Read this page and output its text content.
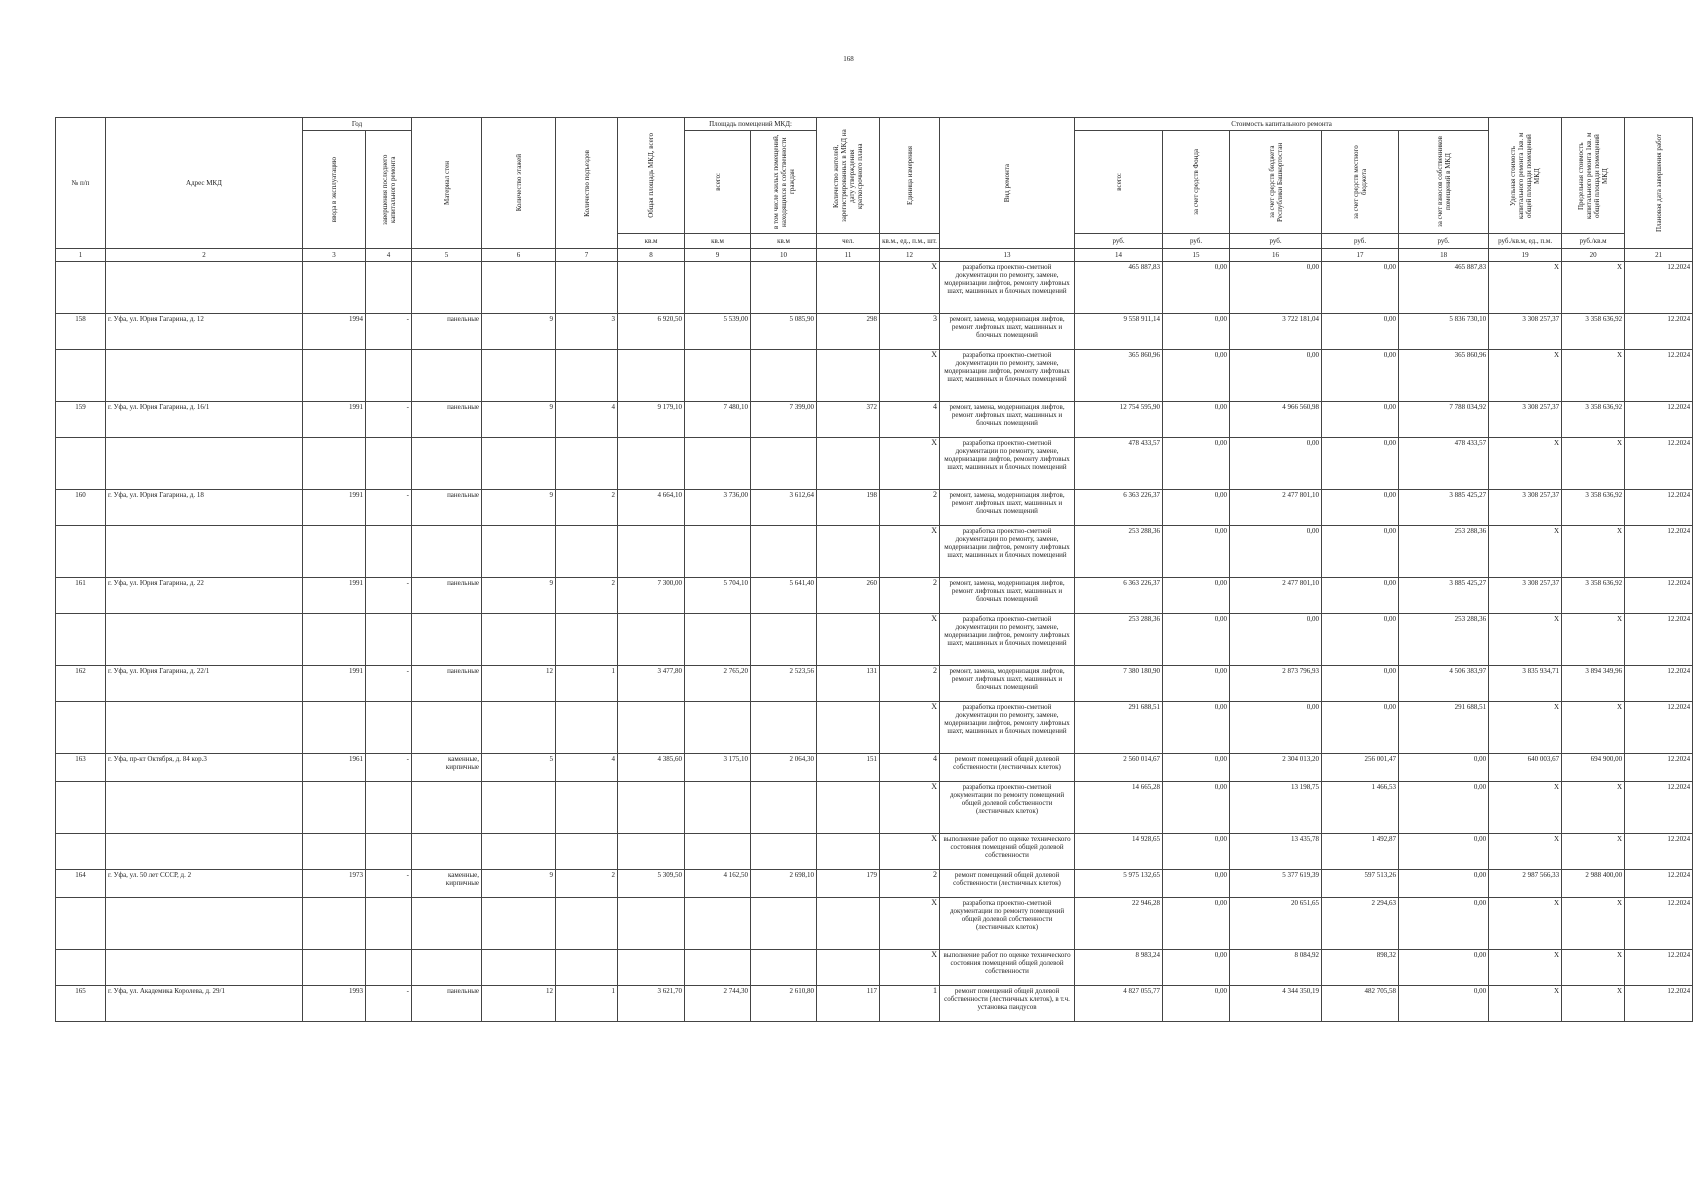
168
№ п/п	Адрес МКД	Год		Материал стен	Количество этажей	Количество подъездов	Общая площадь МКД, всего	Площадь помещений МКД:		Количество жителей, зарегистрированных в МКД на дату утверждения краткосрочного плана	Единица измерения	Вид ремонта	Стоимость капитального ремонта					Удельная стоимость капитального ремонта 1кв. м общей площади помещений МКД	Предельная стоимость капитального ремонта 1кв. м общей площади помещений МКД	Плановая дата завершения работ

		ввода в эксплуатацию	завершения последнего капитального ремонта					всего:	в том числе жилых помещений, находящихся в собственности граждан				всего:	за счет средств Фонда	за счет средств бюджета Республики Башкортостан	за счет средств местного бюджета	за счет взносов собственников помещений в МКД			

							кв.м	кв.м	кв.м	чел.	кв.м., ед., п.м., шт.		руб.	руб.	руб.	руб.	руб.	руб./кв.м, ед., п.м.	руб./кв.м	
1	2	3	4	5	6	7	8	9	10	11	12	13	14	15	16	17	18	19	20	21
											X	разработка проектно-сметной документации по ремонту, замене, модернизации лифтов, ремонту лифтовых шахт, машинных и блочных помещений	465 887,83	0,00	0,00	0,00	465 887,83	X	X	12.2024
158	г. Уфа, ул. Юрия Гагарина, д. 12	1994	-	панельные	9	3	6 920,50	5 539,00	5 085,90	298	3	ремонт, замена, модернизация лифтов, ремонт лифтовых шахт, машинных и блочных помещений	9 558 911,14	0,00	3 722 181,04	0,00	5 836 730,10	3 308 257,37	3 358 636,92	12.2024
											X	разработка проектно-сметной документации по ремонту, замене, модернизации лифтов, ремонту лифтовых шахт, машинных и блочных помещений	365 860,96	0,00	0,00	0,00	365 860,96	X	X	12.2024
159	г. Уфа, ул. Юрия Гагарина, д. 16/1	1991	-	панельные	9	4	9 179,10	7 480,10	7 399,00	372	4	ремонт, замена, модернизация лифтов, ремонт лифтовых шахт, машинных и блочных помещений	12 754 595,90	0,00	4 966 560,98	0,00	7 788 034,92	3 308 257,37	3 358 636,92	12.2024
											X	разработка проектно-сметной документации по ремонту, замене, модернизации лифтов, ремонту лифтовых шахт, машинных и блочных помещений	478 433,57	0,00	0,00	0,00	478 433,57	X	X	12.2024
160	г. Уфа, ул. Юрия Гагарина, д. 18	1991	-	панельные	9	2	4 664,10	3 736,00	3 612,64	198	2	ремонт, замена, модернизация лифтов, ремонт лифтовых шахт, машинных и блочных помещений	6 363 226,37	0,00	2 477 801,10	0,00	3 885 425,27	3 308 257,37	3 358 636,92	12.2024
											X	разработка проектно-сметной документации по ремонту, замене, модернизации лифтов, ремонту лифтовых шахт, машинных и блочных помещений	253 288,36	0,00	0,00	0,00	253 288,36	X	X	12.2024
161	г. Уфа, ул. Юрия Гагарина, д. 22	1991	-	панельные	9	2	7 300,00	5 704,10	5 641,40	260	2	ремонт, замена, модернизация лифтов, ремонт лифтовых шахт, машинных и блочных помещений	6 363 226,37	0,00	2 477 801,10	0,00	3 885 425,27	3 308 257,37	3 358 636,92	12.2024
											X	разработка проектно-сметной документации по ремонту, замене, модернизации лифтов, ремонту лифтовых шахт, машинных и блочных помещений	253 288,36	0,00	0,00	0,00	253 288,36	X	X	12.2024
162	г. Уфа, ул. Юрия Гагарина, д. 22/1	1991	-	панельные	12	1	3 477,80	2 765,20	2 523,56	131	2	ремонт, замена, модернизация лифтов, ремонт лифтовых шахт, машинных и блочных помещений	7 380 180,90	0,00	2 873 796,93	0,00	4 506 383,97	3 835 934,71	3 894 349,96	12.2024
											X	разработка проектно-сметной документации по ремонту, замене, модернизации лифтов, ремонту лифтовых шахт, машинных и блочных помещений	291 688,51	0,00	0,00	0,00	291 688,51	X	X	12.2024
163	г. Уфа, пр-кт Октября, д. 84 кор.3	1961	-	каменные, кирпичные	5	4	4 385,60	3 175,10	2 064,30	151	4	ремонт помещений общей долевой собственности (лестничных клеток)	2 560 014,67	0,00	2 304 013,20	256 001,47	0,00	640 003,67	694 900,00	12.2024
											X	разработка проектно-сметной документации по ремонту помещений общей долевой собственности (лестничных клеток)	14 665,28	0,00	13 198,75	1 466,53	0,00	X	X	12.2024
											X	выполнение работ по оценке технического состояния помещений общей долевой собственности	14 928,65	0,00	13 435,78	1 492,87	0,00	X	X	12.2024
164	г. Уфа, ул. 50 лет СССР, д. 2	1973	-	каменные, кирпичные	9	2	5 309,50	4 162,50	2 698,10	179	2	ремонт помещений общей долевой собственности (лестничных клеток)	5 975 132,65	0,00	5 377 619,39	597 513,26	0,00	2 987 566,33	2 988 400,00	12.2024
											X	разработка проектно-сметной документации по ремонту помещений общей долевой собственности (лестничных клеток)	22 946,28	0,00	20 651,65	2 294,63	0,00	X	X	12.2024
											X	выполнение работ по оценке технического состояния помещений общей долевой собственности	8 983,24	0,00	8 084,92	898,32	0,00	X	X	12.2024
165	г. Уфа, ул. Академика Королева, д. 29/1	1993	-	панельные	12	1	3 621,70	2 744,30	2 610,80	117	1	ремонт помещений общей долевой собственности (лестничных клеток), в т.ч. установка пандусов	4 827 055,77	0,00	4 344 350,19	482 705,58	0,00	X	X	12.2024
